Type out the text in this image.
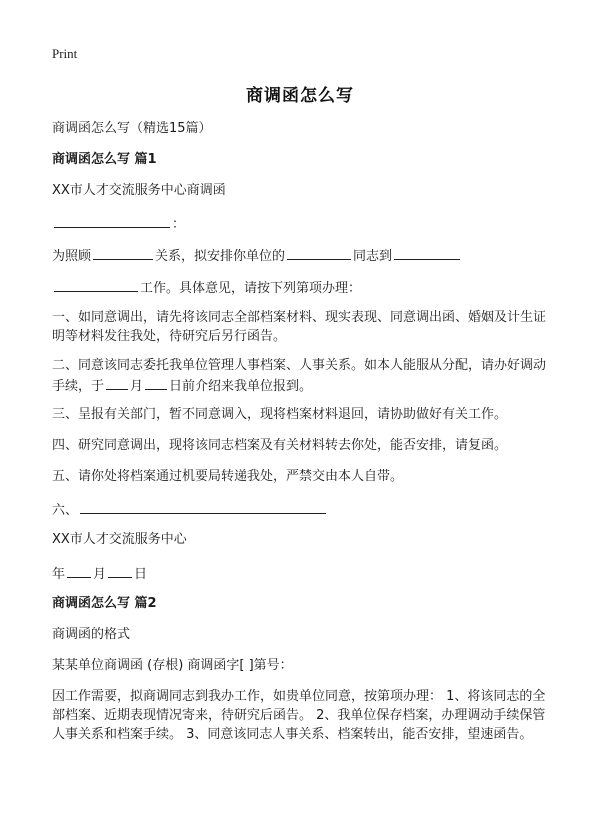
Print
商调函怎么写
商调函怎么写（精选15篇）
商调函怎么写 篇1
XX市人才交流服务中心商调函
：
为照顾	关系，拟安排你单位的	同志到
工作。具体意见，请按下列第项办理：
一、如同意调出，请先将该同志全部档案材料、现实表现、同意调出函、婚姻及计生证明等材料发往我处，待研究后另行函告。
二、同意该同志委托我单位管理人事档案、人事关系。如本人能服从分配，请办好调动手续，于 月 日前介绍来我单位报到。
三、呈报有关部门，暂不同意调入，现将档案材料退回，请协助做好有关工作。
四、研究同意调出，现将该同志档案及有关材料转去你处，能否安排，请复函。
五、请你处将档案通过机要局转递我处，严禁交由本人自带。
六、
XX市人才交流服务中心
年 月 日
商调函怎么写 篇2
商调函的格式
某某单位商调函 (存根) 商调函字[ ]第号：
因工作需要，拟商调同志到我办工作，如贵单位同意，按第项办理： 1、将该同志的全部档案、近期表现情况寄来，待研究后函告。 2、我单位保存档案，办理调动手续保管人事关系和档案手续。 3、同意该同志人事关系、档案转出，能否安排，望速函告。
